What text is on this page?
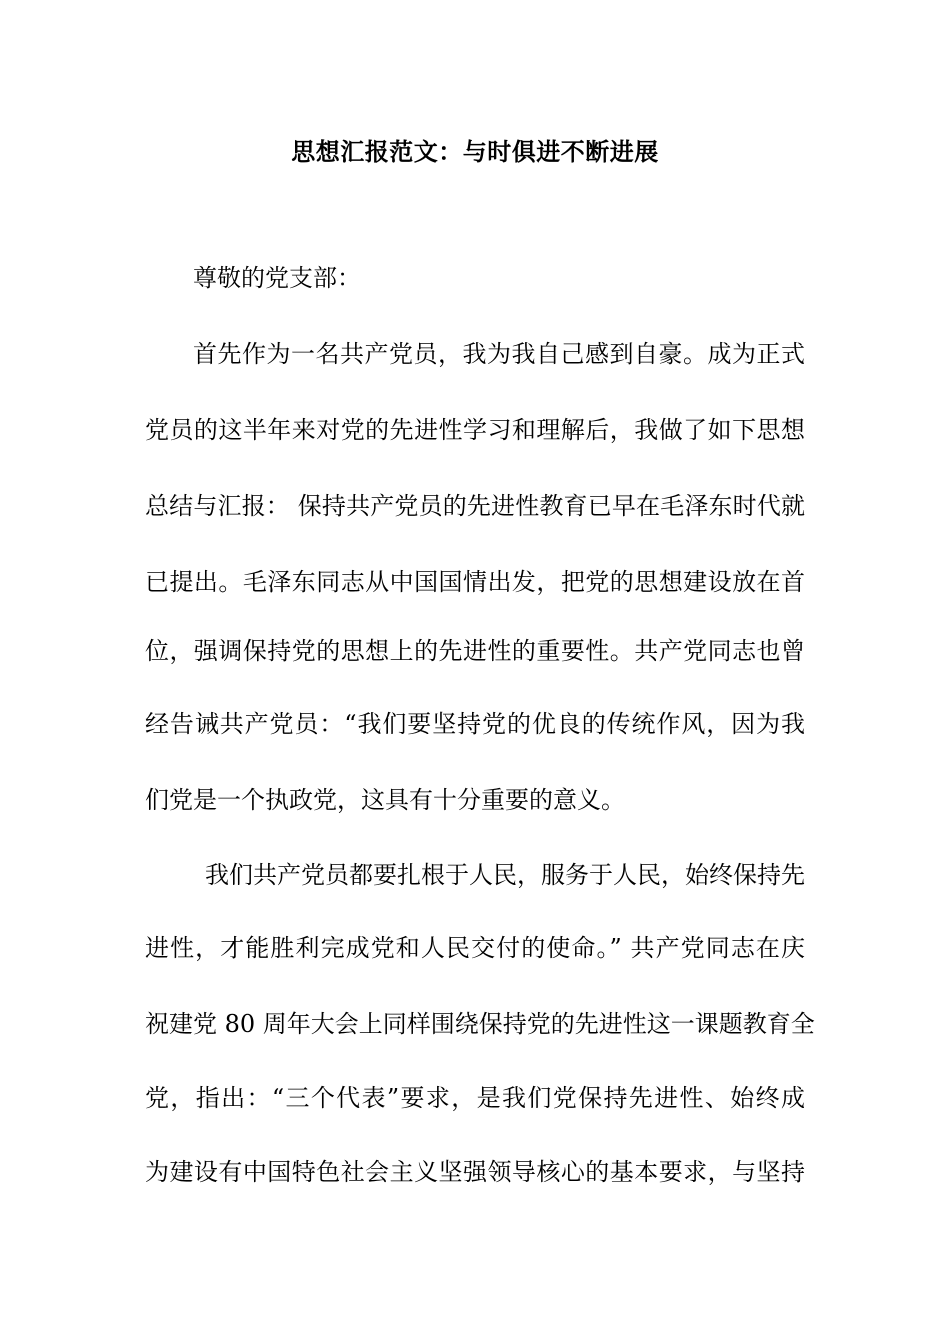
思想汇报范文：与时俱进不断进展
尊敬的党支部：
首先作为一名共产党员，我为我自己感到自豪。成为正式
党员的这半年来对党的先进性学习和理解后，我做了如下思想
总结与汇报： 保持共产党员的先进性教育已早在毛泽东时代就
已提出。毛泽东同志从中国国情出发，把党的思想建设放在首
位，强调保持党的思想上的先进性的重要性。共产党同志也曾
经告诫共产党员：“我们要坚持党的优良的传统作风，因为我
们党是一个执政党，这具有十分重要的意义。
我们共产党员都要扎根于人民，服务于人民，始终保持先
进性，才能胜利完成党和人民交付的使命。” 共产党同志在庆
祝建党 80 周年大会上同样围绕保持党的先进性这一课题教育全
党，指出：“三个代表”要求，是我们党保持先进性、始终成
为建设有中国特色社会主义坚强领导核心的基本要求，与坚持
